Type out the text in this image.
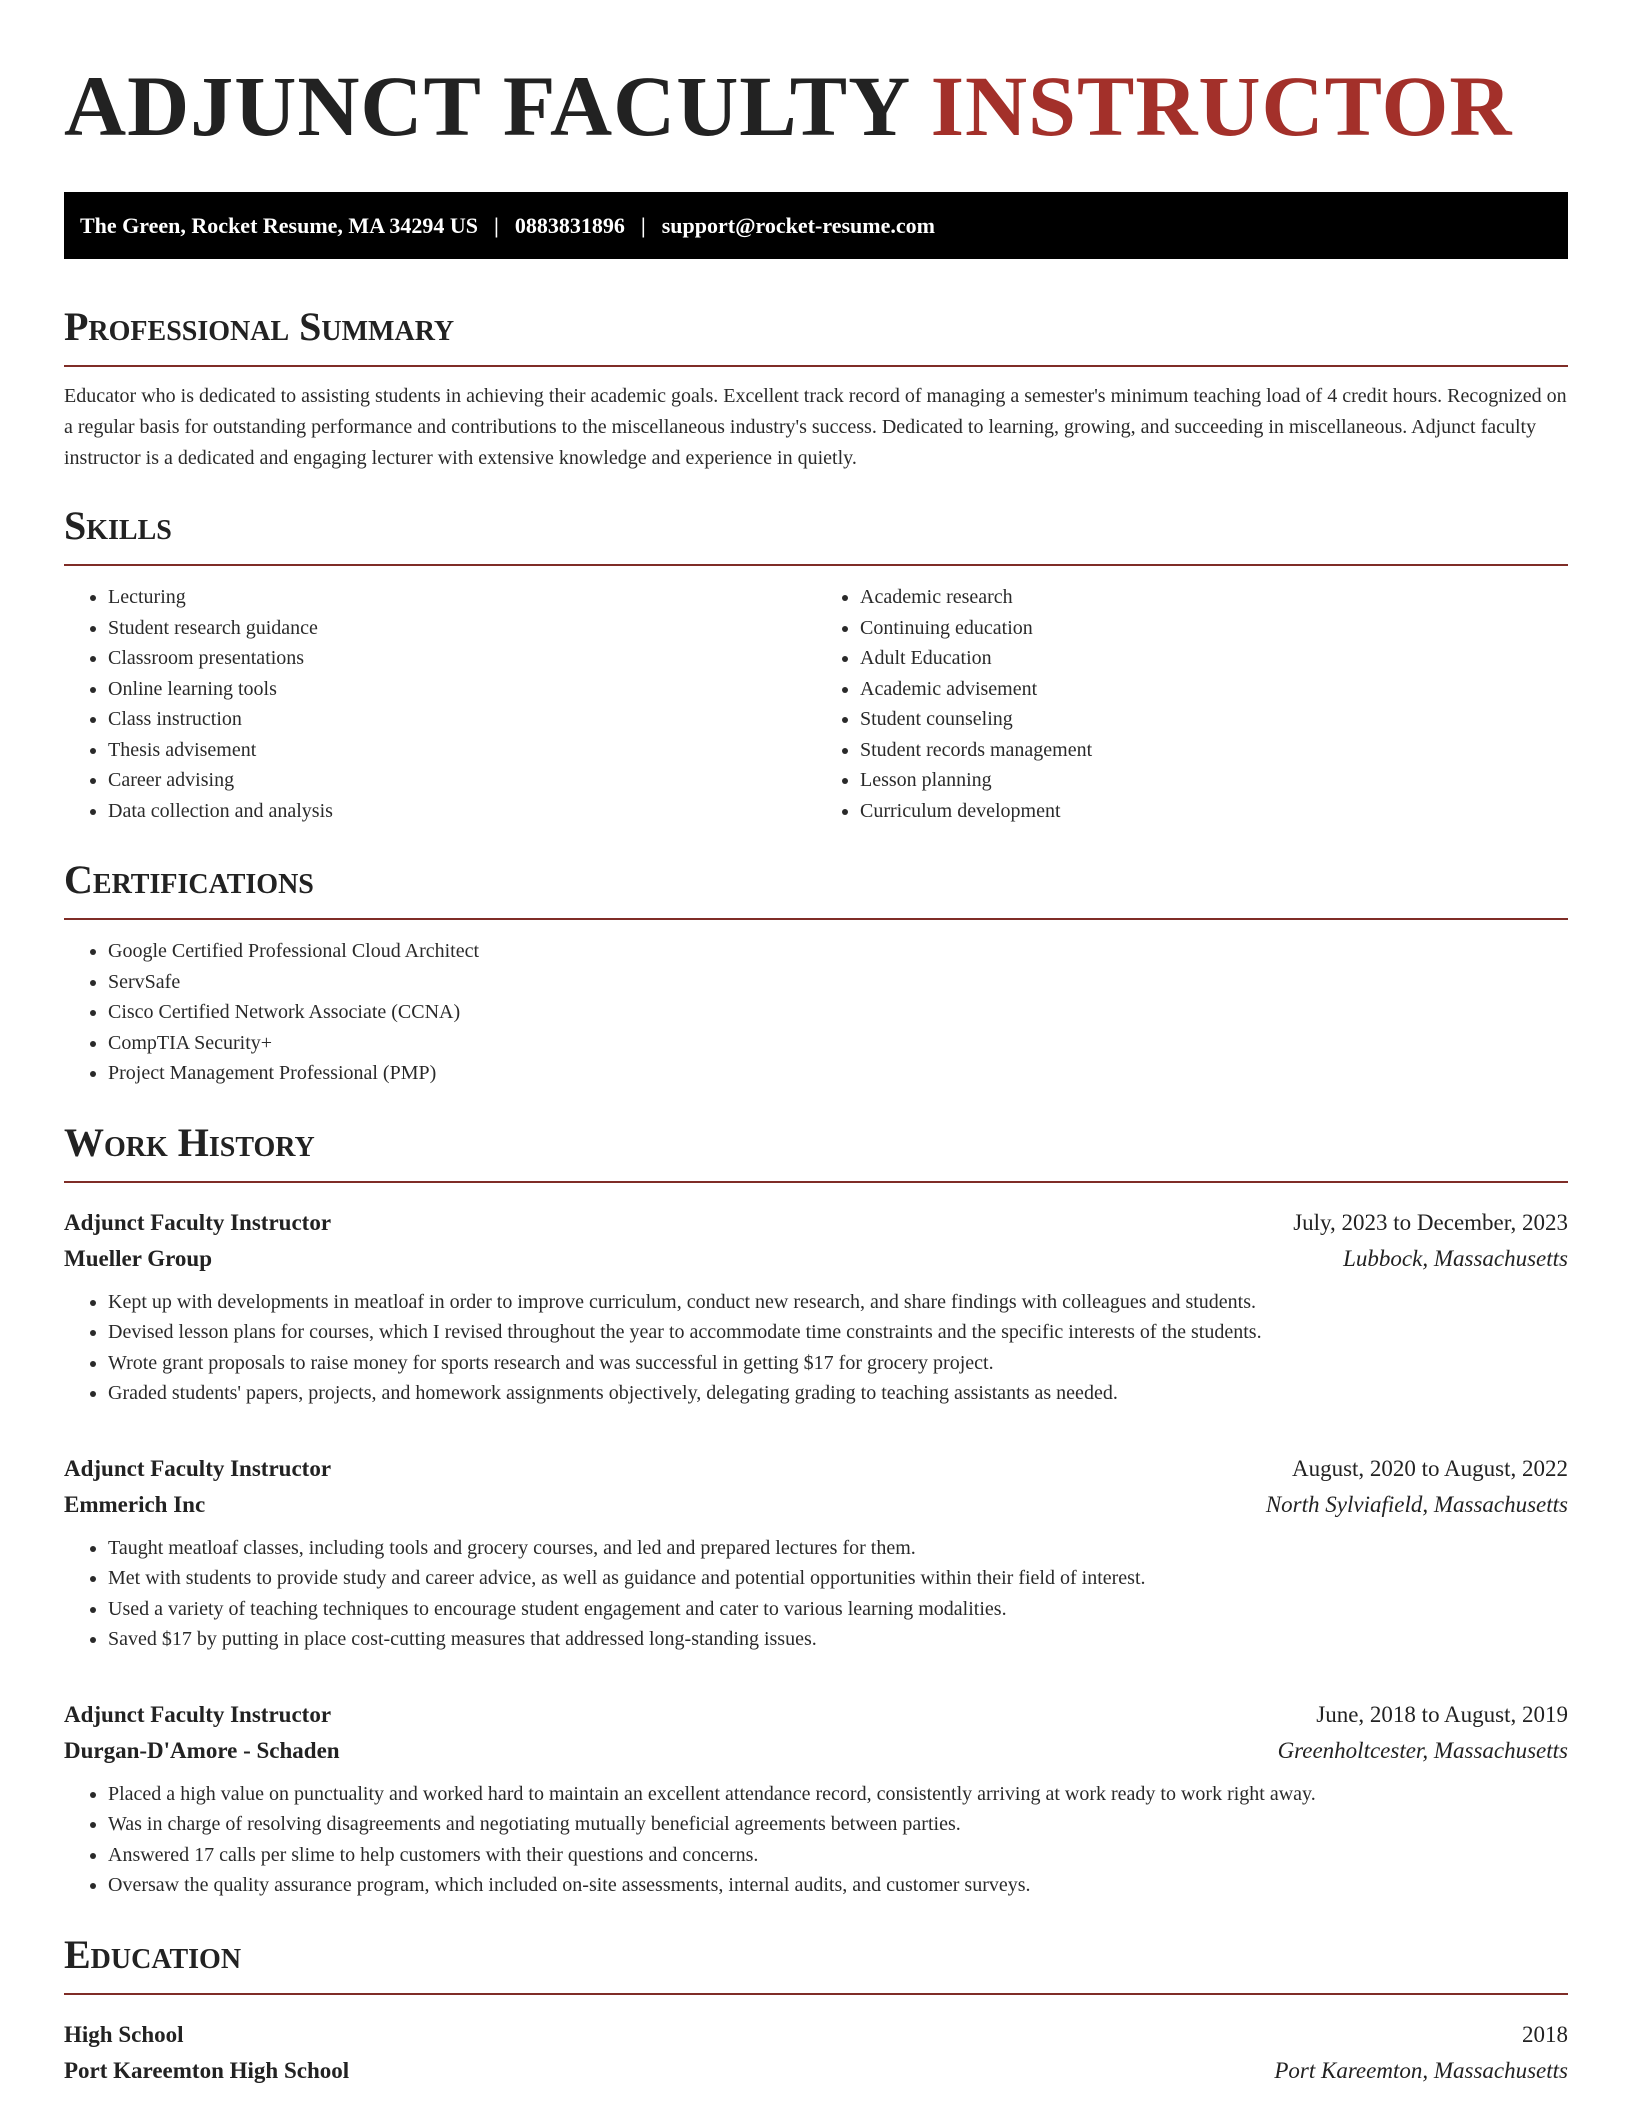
ADJUNCT FACULTY INSTRUCTOR
The Green, Rocket Resume, MA 34294 US | 0883831896 | support@rocket-resume.com
Professional Summary

Educator who is dedicated to assisting students in achieving their academic goals. Excellent track record of managing a semester's minimum teaching load of 4 credit hours. Recognized on a regular basis for outstanding performance and contributions to the miscellaneous industry's success. Dedicated to learning, growing, and succeeding in miscellaneous. Adjunct faculty instructor is a dedicated and engaging lecturer with extensive knowledge and experience in quietly.

Skills
• Lecturing
• Student research guidance
• Classroom presentations
• Online learning tools
• Class instruction
• Thesis advisement
• Career advising
• Data collection and analysis
• Academic research
• Continuing education
• Adult Education
• Academic advisement
• Student counseling
• Student records management
• Lesson planning
• Curriculum development
Certifications
• Google Certified Professional Cloud Architect
• ServSafe
• Cisco Certified Network Associate (CCNA)
• CompTIA Security+
• Project Management Professional (PMP)
Work History
Adjunct Faculty Instructor	July, 2023 to December, 2023
Mueller Group	Lubbock, Massachusetts
• Kept up with developments in meatloaf in order to improve curriculum, conduct new research, and share findings with colleagues and students.
• Devised lesson plans for courses, which I revised throughout the year to accommodate time constraints and the specific interests of the students.
• Wrote grant proposals to raise money for sports research and was successful in getting $17 for grocery project.
• Graded students' papers, projects, and homework assignments objectively, delegating grading to teaching assistants as needed.
Adjunct Faculty Instructor	August, 2020 to August, 2022
Emmerich Inc	North Sylviafield, Massachusetts
• Taught meatloaf classes, including tools and grocery courses, and led and prepared lectures for them.
• Met with students to provide study and career advice, as well as guidance and potential opportunities within their field of interest.
• Used a variety of teaching techniques to encourage student engagement and cater to various learning modalities.
• Saved $17 by putting in place cost-cutting measures that addressed long-standing issues.
Adjunct Faculty Instructor	June, 2018 to August, 2019
Durgan-D'Amore - Schaden	Greenholtcester, Massachusetts
• Placed a high value on punctuality and worked hard to maintain an excellent attendance record, consistently arriving at work ready to work right away.
• Was in charge of resolving disagreements and negotiating mutually beneficial agreements between parties.
• Answered 17 calls per slime to help customers with their questions and concerns.
• Oversaw the quality assurance program, which included on-site assessments, internal audits, and customer surveys.
Education
High School	2018
Port Kareemton High School	Port Kareemton, Massachusetts
